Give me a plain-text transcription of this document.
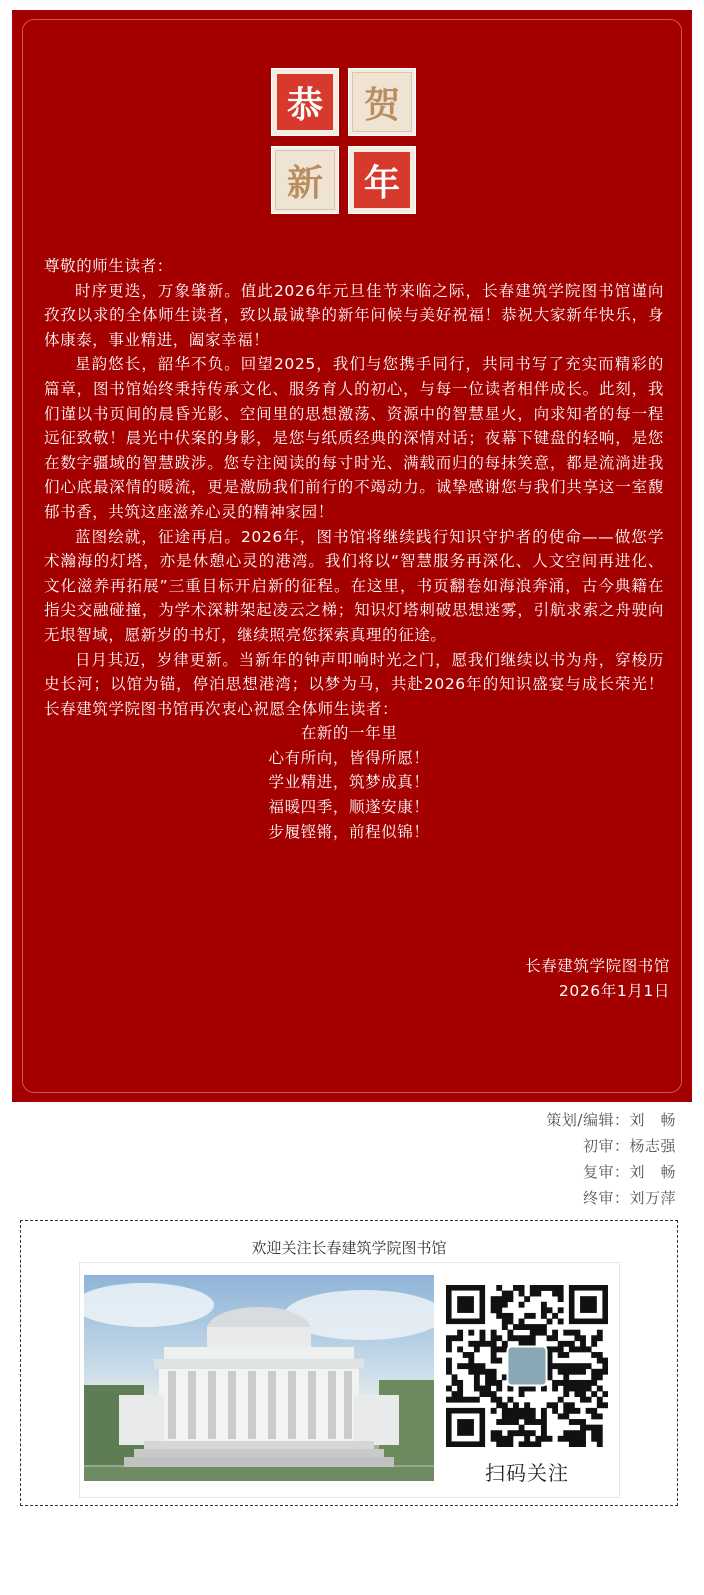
恭	贺
新	年

尊敬的师生读者：

时序更迭，万象肇新。值此2026年元旦佳节来临之际，长春建筑学院图书馆谨向孜孜以求的全体师生读者，致以最诚挚的新年问候与美好祝福！恭祝大家新年快乐，身体康泰，事业精进，阖家幸福！

星韵悠长，韶华不负。回望2025，我们与您携手同行，共同书写了充实而精彩的篇章，图书馆始终秉持传承文化、服务育人的初心，与每一位读者相伴成长。此刻，我们谨以书页间的晨昏光影、空间里的思想激荡、资源中的智慧星火，向求知者的每一程远征致敬！晨光中伏案的身影，是您与纸质经典的深情对话；夜幕下键盘的轻响，是您在数字疆域的智慧跋涉。您专注阅读的每寸时光、满载而归的每抹笑意，都是流淌进我们心底最深情的暖流，更是激励我们前行的不竭动力。诚挚感谢您与我们共享这一室馥郁书香，共筑这座滋养心灵的精神家园！

蓝图绘就，征途再启。2026年，图书馆将继续践行知识守护者的使命——做您学术瀚海的灯塔，亦是休憩心灵的港湾。我们将以“智慧服务再深化、人文空间再进化、文化滋养再拓展”三重目标开启新的征程。在这里，书页翻卷如海浪奔涌，古今典籍在指尖交融碰撞，为学术深耕架起凌云之梯；知识灯塔刺破思想迷雾，引航求索之舟驶向无垠智域，愿新岁的书灯，继续照亮您探索真理的征途。

日月其迈，岁律更新。当新年的钟声叩响时光之门，愿我们继续以书为舟，穿梭历史长河；以馆为锚，停泊思想港湾；以梦为马，共赴2026年的知识盛宴与成长荣光！长春建筑学院图书馆再次衷心祝愿全体师生读者：

在新的一年里

心有所向，皆得所愿！

学业精进，筑梦成真！

福暖四季，顺遂安康！

步履铿锵，前程似锦！

长春建筑学院图书馆

2026年1月1日

策划/编辑：刘　畅
初审：杨志强
复审：刘　畅
终审：刘万萍
欢迎关注长春建筑学院图书馆
扫码关注
